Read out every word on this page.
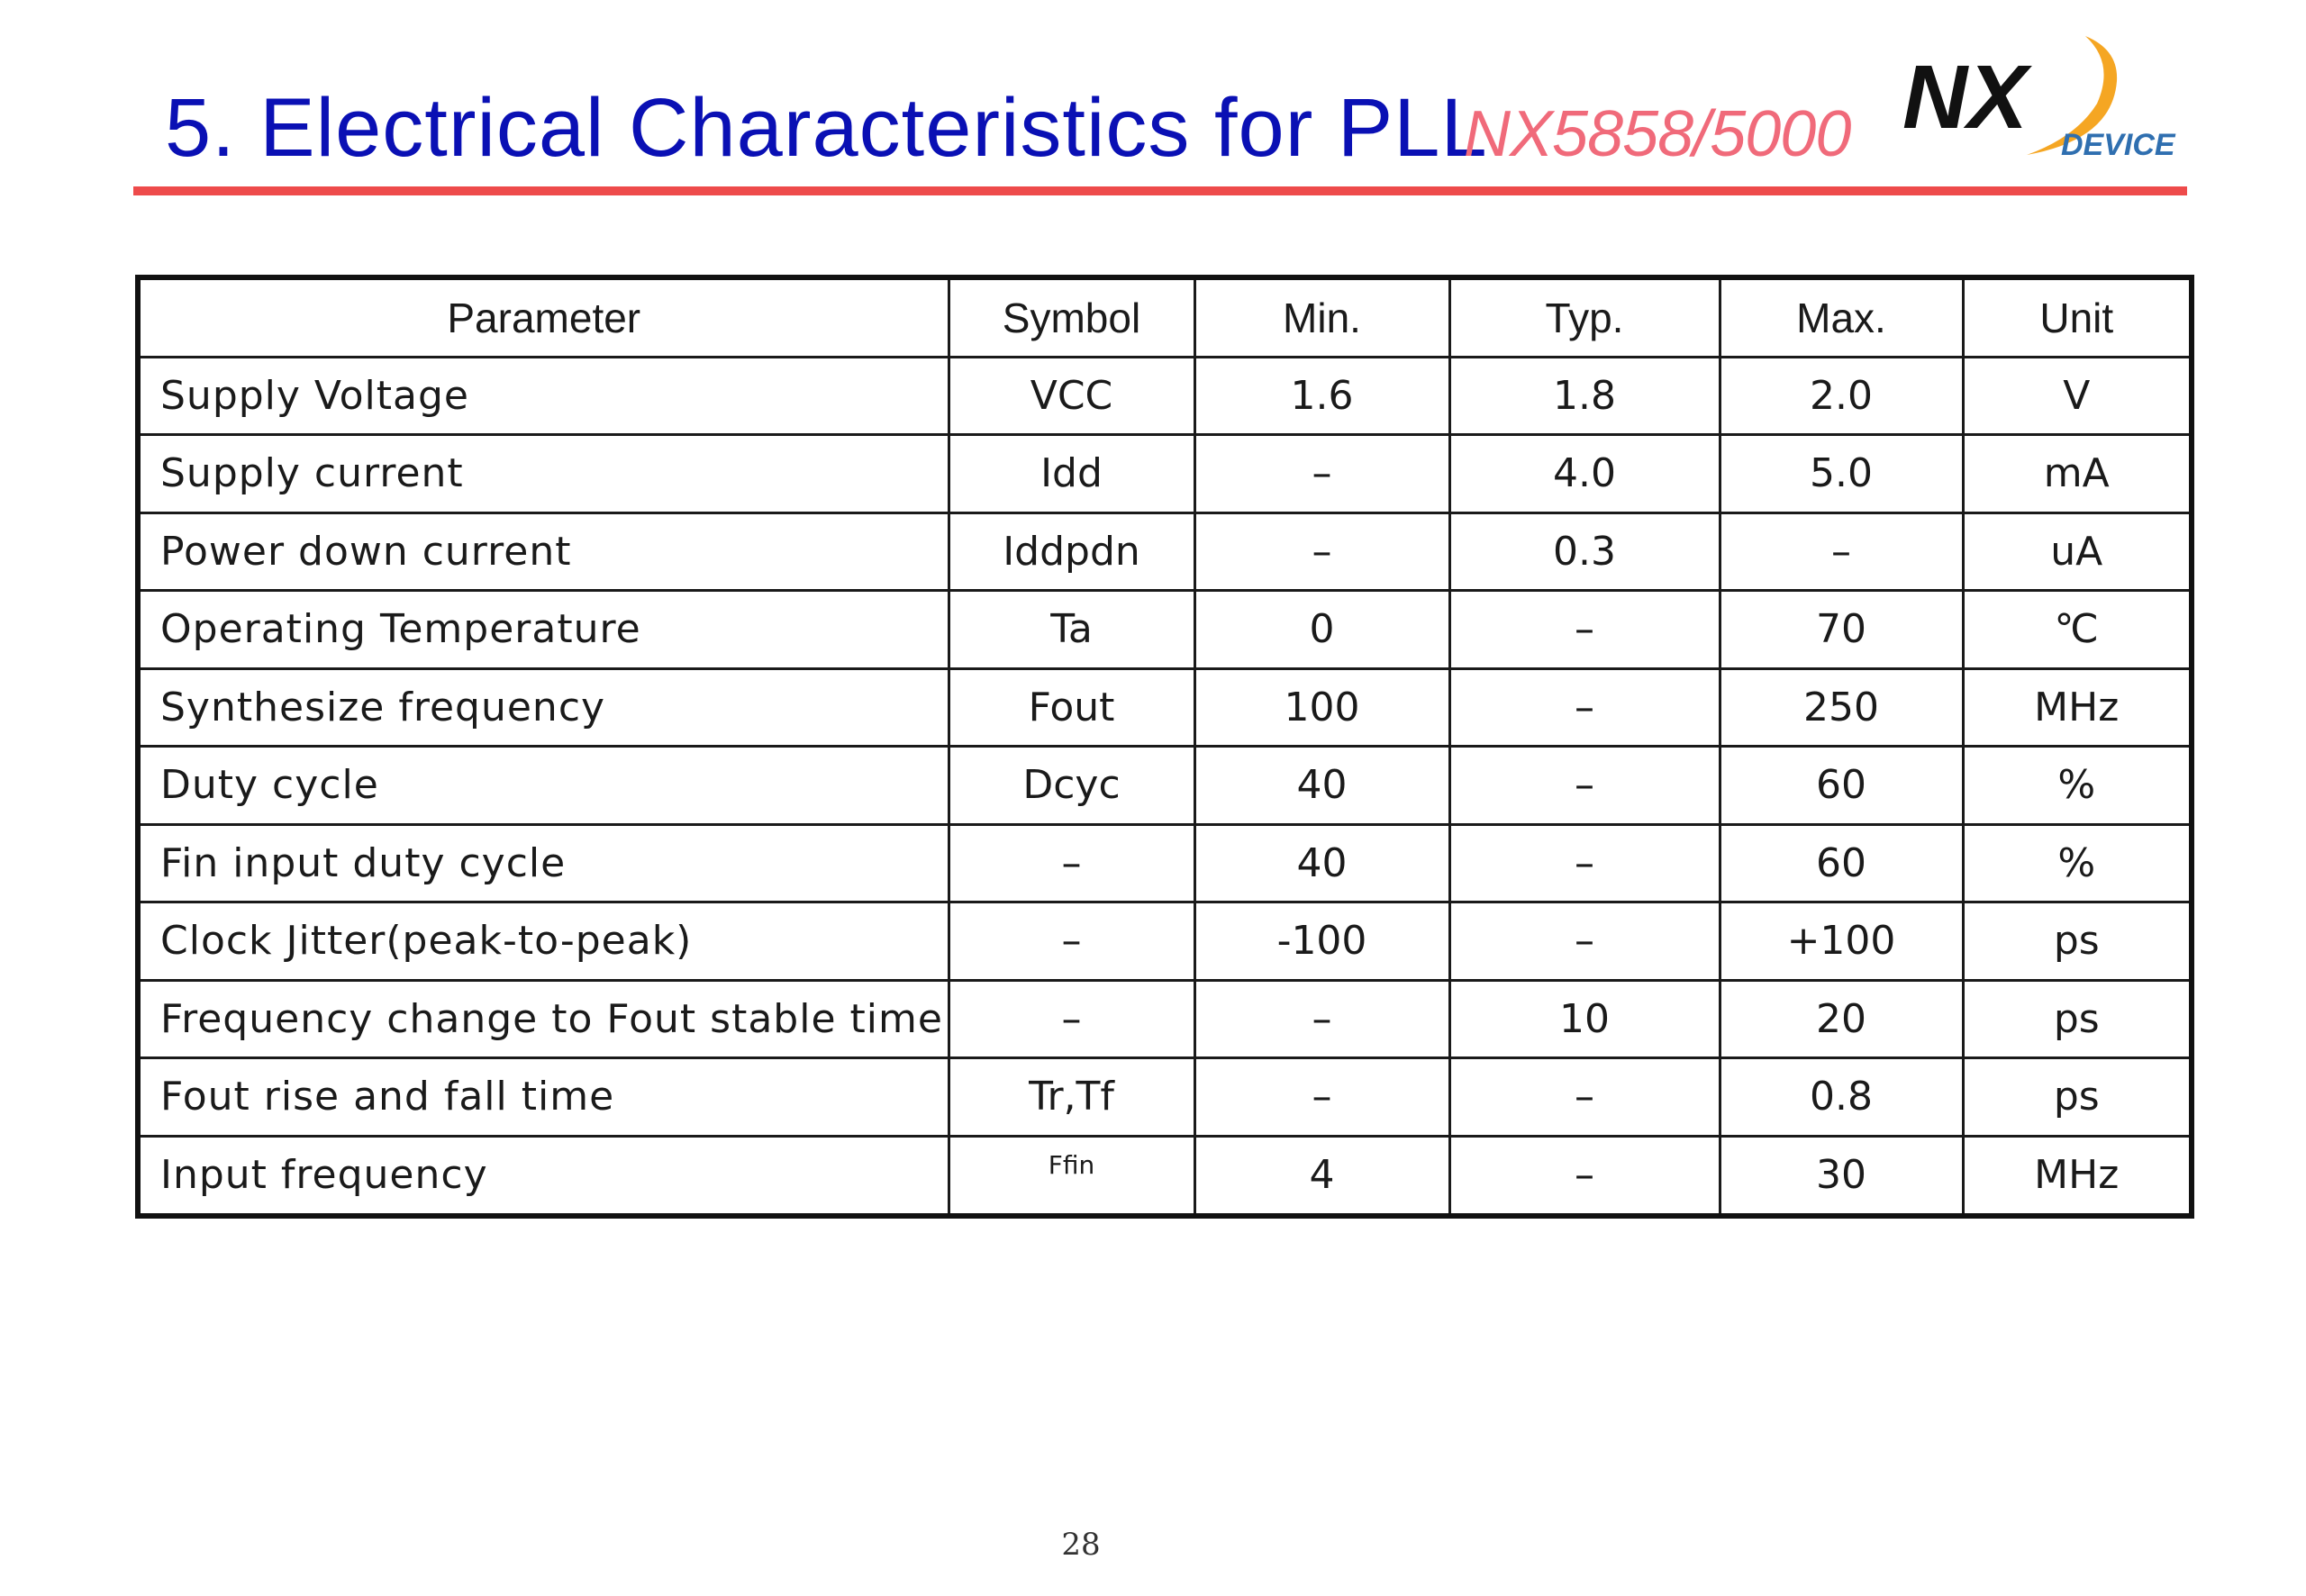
5. Electrical Characteristics for PLL
NX5858/5000 NX DEVICE
Parameter	Symbol	Min.	Typ.	Max.	Unit
Supply Voltage	VCC	1.6	1.8	2.0	V
Supply current	Idd	–	4.0	5.0	mA
Power down current	Iddpdn	–	0.3	–	uA
Operating Temperature	Ta	0	–	70	℃
Synthesize frequency	Fout	100	–	250	MHz
Duty cycle	Dcyc	40	–	60	%
Fin input duty cycle	–	40	–	60	%
Clock Jitter(peak-to-peak)	–	-100	–	+100	ps
Frequency change to Fout stable time	–	–	10	20	ps
Fout rise and fall time	Tr,Tf	–	–	0.8	ps
Input frequency	Ffin	4	–	30	MHz
28
